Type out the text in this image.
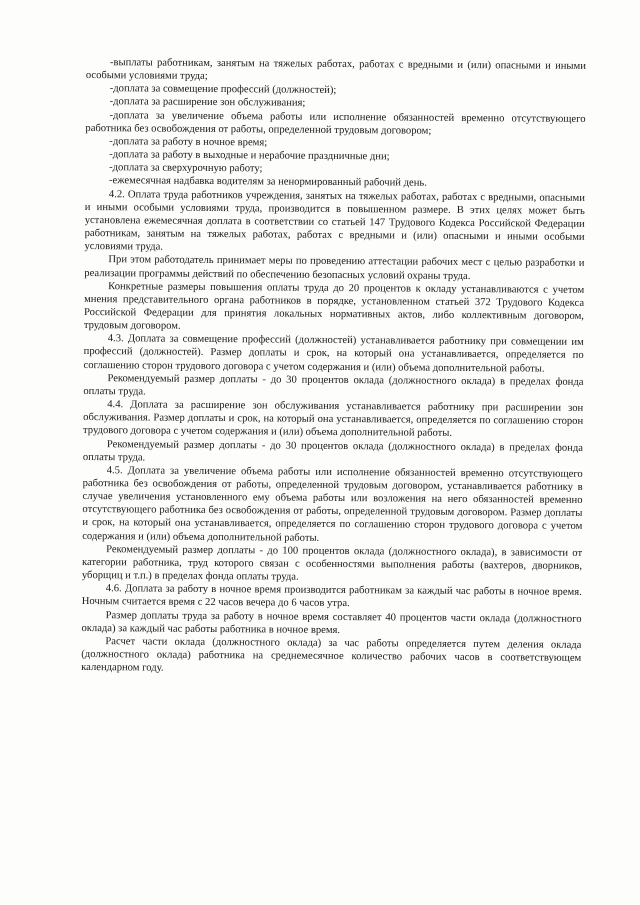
-выплаты работникам, занятым на тяжелых работах, работах с вредными и (или) опасными и иными особыми условиями труда;

-доплата за совмещение профессий (должностей);

-доплата за расширение зон обслуживания;

-доплата за увеличение объема работы или исполнение обязанностей временно отсутствующего работника без освобождения от работы, определенной трудовым договором;

-доплата за работу в ночное время;

-доплата за работу в выходные и нерабочие праздничные дни;

-доплата за сверхурочную работу;

-ежемесячная надбавка водителям за ненормированный рабочий день.

4.2. Оплата труда работников учреждения, занятых на тяжелых работах, работах с вредными, опасными и иными особыми условиями труда, производится в повышенном размере. В этих целях может быть установлена ежемесячная доплата в соответствии со статьей 147 Трудового Кодекса Российской Федерации работникам, занятым на тяжелых работах, работах с вредными и (или) опасными и иными особыми условиями труда.

При этом работодатель принимает меры по проведению аттестации рабочих мест с целью разработки и реализации программы действий по обеспечению безопасных условий охраны труда.

Конкретные размеры повышения оплаты труда до 20 процентов к окладу устанавливаются с учетом мнения представительного органа работников в порядке, установленном статьей 372 Трудового Кодекса Российской Федерации для принятия локальных нормативных актов, либо коллективным договором, трудовым договором.

4.3. Доплата за совмещение профессий (должностей) устанавливается работнику при совмещении им профессий (должностей). Размер доплаты и срок, на который она устанавливается, определяется по соглашению сторон трудового договора с учетом содержания и (или) объема дополнительной работы.

Рекомендуемый размер доплаты - до 30 процентов оклада (должностного оклада) в пределах фонда оплаты труда.

4.4. Доплата за расширение зон обслуживания устанавливается работнику при расширении зон обслуживания. Размер доплаты и срок, на который она устанавливается, определяется по соглашению сторон трудового договора с учетом содержания и (или) объема дополнительной работы.

Рекомендуемый размер доплаты - до 30 процентов оклада (должностного оклада) в пределах фонда оплаты труда.

4.5. Доплата за увеличение объема работы или исполнение обязанностей временно отсутствующего работника без освобождения от работы, определенной трудовым договором, устанавливается работнику в случае увеличения установленного ему объема работы или возложения на него обязанностей временно отсутствующего работника без освобождения от работы, определенной трудовым договором. Размер доплаты и срок, на который она устанавливается, определяется по соглашению сторон трудового договора с учетом содержания и (или) объема дополнительной работы.

Рекомендуемый размер доплаты - до 100 процентов оклада (должностного оклада), в зависимости от категории работника, труд которого связан с особенностями выполнения работы (вахтеров, дворников, уборщиц и т.п.) в пределах фонда оплаты труда.

4.6. Доплата за работу в ночное время производится работникам за каждый час работы в ночное время. Ночным считается время с 22 часов вечера до 6 часов утра.

Размер доплаты труда за работу в ночное время составляет 40 процентов части оклада (должностного оклада) за каждый час работы работника в ночное время.

Расчет части оклада (должностного оклада) за час работы определяется путем деления оклада (должностного оклада) работника на среднемесячное количество рабочих часов в соответствующем календарном году.
